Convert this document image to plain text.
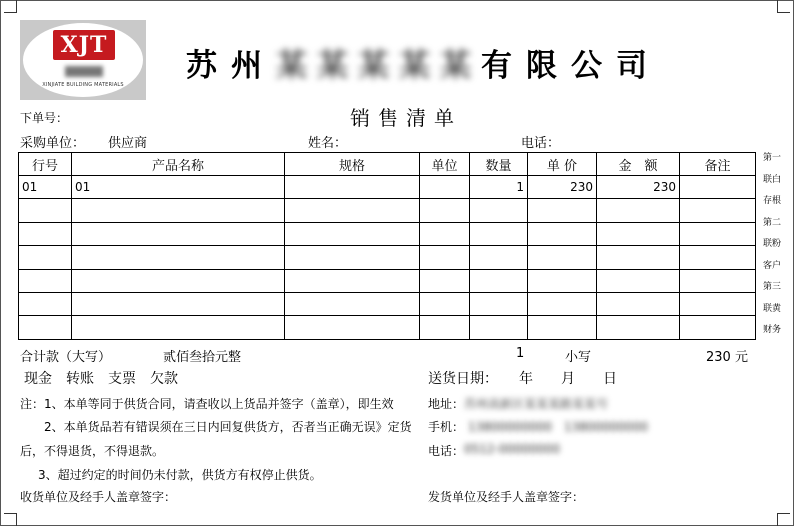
XJT
XINJIATE BUILDING MATERIALS
苏州某某某某某有限公司
下单号：	销售清单
采购单位： 供应商	姓名：	电话：
行号	产品名称	规格	单位	数量	单 价	金　额	备注
01	01			1	230	230	

第一
联白
存根
第二
联粉
客户
第三
联黄
财务
合计款（大写）	贰佰叁拾元整	1	小写	230 元
现金　转账　支票　欠款	送货日期：　　年　　月　　日
注：1、本单等同于供货合同，请查收以上货品并签字（盖章），即生效
2、本单货品若有错误须在三日内回复供货方，否者当正确无误》定货
后，不得退货，不得退款。
3、超过约定的时间仍未付款，供货方有权停止供货。
地址： 苏州高新区某某某路某某号
手机： 13800000000　13800000000
电话： 0512-00000000
收货单位及经手人盖章签字：	发货单位及经手人盖章签字：
